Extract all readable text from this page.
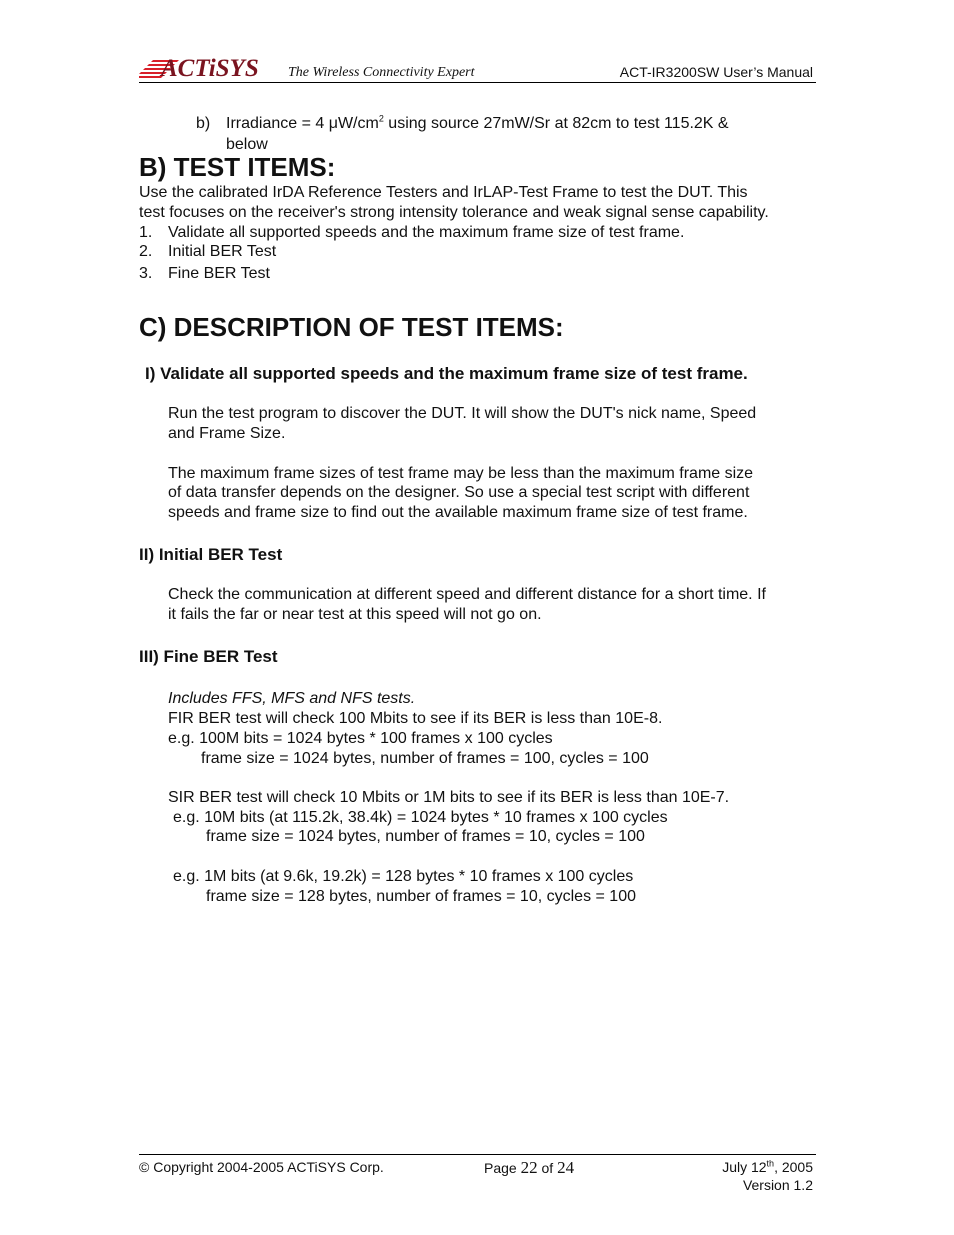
ACTiSYS The Wireless Connectivity Expert	ACT-IR3200SW User’s Manual
b) Irradiance = 4 $\mu W/cm^2$ using source 27mW/Sr at 82cm to test 115.2K &
below
B) TEST ITEMS:
Use the calibrated IrDA Reference Testers and IrLAP-Test Frame to test the DUT. This
test focuses on the receiver's strong intensity tolerance and weak signal sense capability.
1. Validate all supported speeds and the maximum frame size of test frame.
2. Initial BER Test
3. Fine BER Test
C) DESCRIPTION OF TEST ITEMS:
I) Validate all supported speeds and the maximum frame size of test frame.
Run the test program to discover the DUT. It will show the DUT's nick name, Speed
and Frame Size.
The maximum frame sizes of test frame may be less than the maximum frame size
of data transfer depends on the designer. So use a special test script with different
speeds and frame size to find out the available maximum frame size of test frame.
II) Initial BER Test
Check the communication at different speed and different distance for a short time. If
it fails the far or near test at this speed will not go on.
III) Fine BER Test
Includes FFS, MFS and NFS tests.
FIR BER test will check 100 Mbits to see if its BER is less than 10E-8.
e.g. 100M bits = 1024 bytes * 100 frames x 100 cycles
frame size = 1024 bytes, number of frames = 100, cycles = 100
SIR BER test will check 10 Mbits or 1M bits to see if its BER is less than 10E-7.
e.g. 10M bits (at 115.2k, 38.4k) = 1024 bytes * 10 frames x 100 cycles
frame size = 1024 bytes, number of frames = 10, cycles = 100
e.g. 1M bits (at 9.6k, 19.2k) = 128 bytes * 10 frames x 100 cycles
frame size = 128 bytes, number of frames = 10, cycles = 100
© Copyright 2004-2005 ACTiSYS Corp.	Page 22 of 24	July 12th, 2005
Version 1.2
